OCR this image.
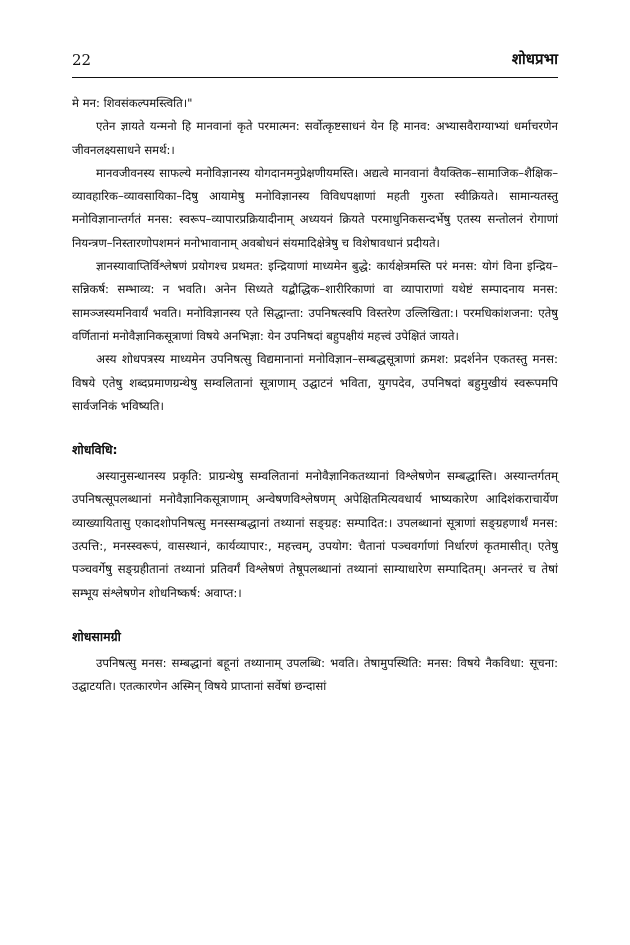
22	शोधप्रभा

मे मन: शिवसंकल्पमस्त्विति।"

एतेन ज्ञायते यन्मनो हि मानवानां कृते परमात्मन: सर्वोत्कृष्टसाधनं येन हि मानव: अभ्यासवैराग्याभ्यां धर्माचरणेन जीवनलक्ष्यसाधने समर्थ:।

मानवजीवनस्य साफल्ये मनोविज्ञानस्य योगदानमनुप्रेक्षणीयमस्ति। अद्यत्वे मानवानां वैयक्तिक–सामाजिक–शैक्षिक–व्यावहारिक–व्यावसायिका–दिषु आयामेषु मनोविज्ञानस्य विविधपक्षाणां महती गुरुता स्वीक्रियते। सामान्यतस्तु मनोविज्ञानान्तर्गतं मनस: स्वरूप–व्यापारप्रक्रियादीनाम् अध्ययनं क्रियते परमाधुनिकसन्दर्भेषु एतस्य सन्तोलनं रोगाणां नियन्त्रण–निस्तारणोपशमनं मनोभावानाम् अवबोधनं संयमादिक्षेत्रेषु च विशेषावधानं प्रदीयते।

ज्ञानस्यावाप्तिर्विश्लेषणं प्रयोगश्च प्रथमत: इन्द्रियाणां माध्यमेन बुद्धे: कार्यक्षेत्रमस्ति परं मनस: योगं विना इन्द्रिय–सन्निकर्ष: सम्भाव्य: न भवति। अनेन सिध्यते यद्बौद्धिक–शारीरिकाणां वा व्यापाराणां यथेष्टं सम्पादनाय मनस: सामञ्जस्यमनिवार्यं भवति। मनोविज्ञानस्य एते सिद्धान्ता: उपनिषत्स्वपि विस्तरेण उल्लिखिता:। परमधिकांशजना: एतेषु वर्णितानां मनोवैज्ञानिकसूत्राणां विषये अनभिज्ञा: येन उपनिषदां बहुपक्षीयं महत्त्वं उपेक्षितं जायते।

अस्य शोधपत्रस्य माध्यमेन उपनिषत्सु विद्यमानानां मनोविज्ञान–सम्बद्धसूत्राणां क्रमश: प्रदर्शनेन एकतस्तु मनस: विषये एतेषु शब्दप्रमाणग्रन्थेषु सम्वलितानां सूत्राणाम् उद्घाटनं भविता, युगपदेव, उपनिषदां बहुमुखीयं स्वरूपमपि सार्वजनिकं भविष्यति।

शोधविधि:

अस्यानुसन्धानस्य प्रकृति: प्राग्रन्थेषु सम्वलितानां मनोवैज्ञानिकतथ्यानां विश्लेषणेन सम्बद्धास्ति। अस्यान्तर्गतम् उपनिषत्सूपलब्धानां मनोवैज्ञानिकसूत्राणाम् अन्वेषणविश्लेषणम् अपेक्षितमित्यवधार्य भाष्यकारेण आदिशंकराचार्येण व्याख्यायितासु एकादशोपनिषत्सु मनस्सम्बद्धानां तथ्यानां सङ्ग्रह: सम्पादित:। उपलब्धानां सूत्राणां सङ्ग्रहणार्थं मनस: उत्पत्ति:, मनस्स्वरूपं, वासस्थानं, कार्यव्यापार:, महत्त्वम्, उपयोग: चैतानां पञ्चवर्गाणां निर्धारणं कृतमासीत्। एतेषु पञ्चवर्गेषु सङ्ग्रहीतानां तथ्यानां प्रतिवर्गं विश्लेषणं तेषूपलब्धानां तथ्यानां साम्याधारेण सम्पादितम्। अनन्तरं च तेषां सम्भूय संश्लेषणेन शोधनिष्कर्ष: अवाप्त:।

शोधसामग्री

उपनिषत्सु मनस: सम्बद्धानां बहूनां तथ्यानाम् उपलब्धि: भवति। तेषामुपस्थिति: मनस: विषये नैकविधा: सूचना: उद्घाटयति। एतत्कारणेन अस्मिन् विषये प्राप्तानां सर्वेषां छन्दासां
